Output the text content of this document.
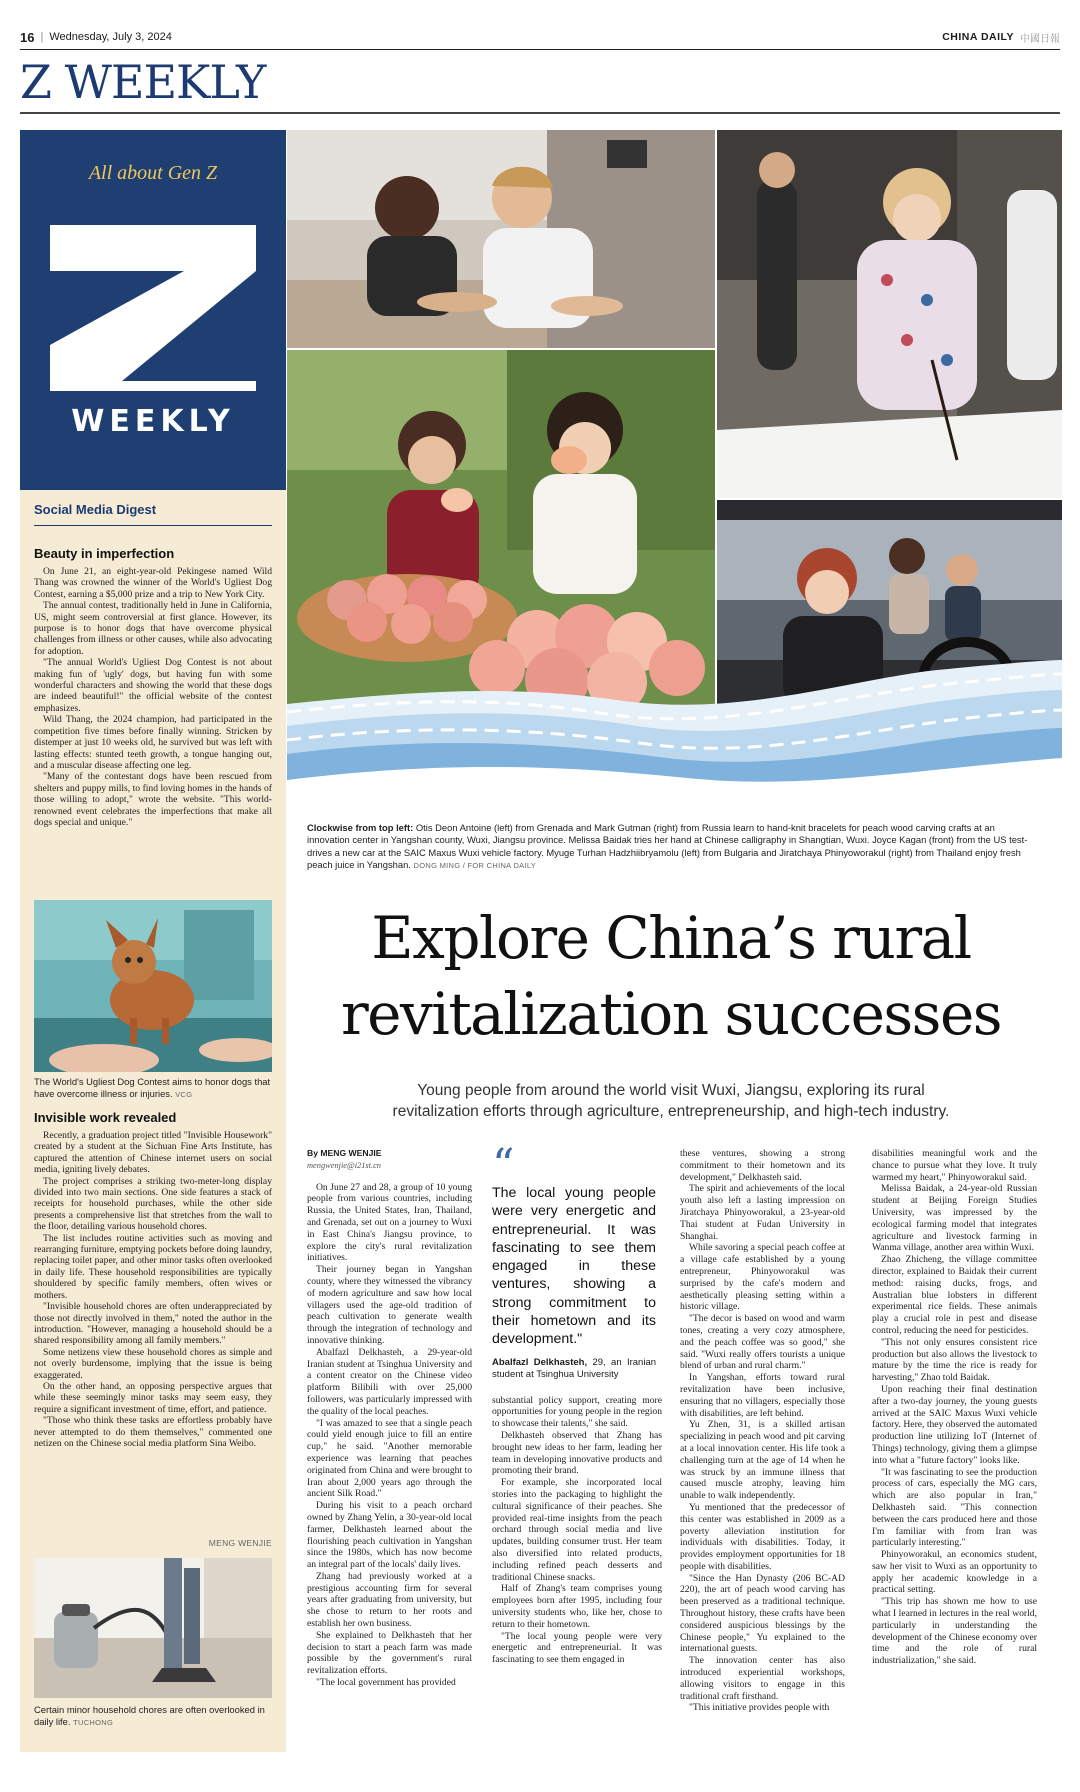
16 | Wednesday, July 3, 2024	CHINA DAILY 中國日報
Z WEEKLY
All about Gen Z
Z
WEEKLY
Social Media Digest
Beauty in imperfection

On June 21, an eight-year-old Pekingese named Wild Thang was crowned the winner of the World's Ugliest Dog Contest, earning a $5,000 prize and a trip to New York City.

The annual contest, traditionally held in June in California, US, might seem controversial at first glance. However, its purpose is to honor dogs that have overcome physical challenges from illness or other causes, while also advocating for adoption.

"The annual World's Ugliest Dog Contest is not about making fun of 'ugly' dogs, but having fun with some wonderful characters and showing the world that these dogs are indeed beautiful!" the official website of the contest emphasizes.

Wild Thang, the 2024 champion, had participated in the competition five times before finally winning. Stricken by distemper at just 10 weeks old, he survived but was left with lasting effects: stunted teeth growth, a tongue hanging out, and a muscular disease affecting one leg.

"Many of the contestant dogs have been rescued from shelters and puppy mills, to find loving homes in the hands of those willing to adopt," wrote the website. "This world-renowned event celebrates the imperfections that make all dogs special and unique."

The World's Ugliest Dog Contest aims to honor dogs that have overcome illness or injuries. VCG
Invisible work revealed

Recently, a graduation project titled "Invisible Housework" created by a student at the Sichuan Fine Arts Institute, has captured the attention of Chinese internet users on social media, igniting lively debates.

The project comprises a striking two-meter-long display divided into two main sections. One side features a stack of receipts for household purchases, while the other side presents a comprehensive list that stretches from the wall to the floor, detailing various household chores.

The list includes routine activities such as moving and rearranging furniture, emptying pockets before doing laundry, replacing toilet paper, and other minor tasks often overlooked in daily life. These household responsibilities are typically shouldered by specific family members, often wives or mothers.

"Invisible household chores are often underappreciated by those not directly involved in them," noted the author in the introduction. "However, managing a household should be a shared responsibility among all family members."

Some netizens view these household chores as simple and not overly burdensome, implying that the issue is being exaggerated.

On the other hand, an opposing perspective argues that while these seemingly minor tasks may seem easy, they require a significant investment of time, effort, and patience.

"Those who think these tasks are effortless probably have never attempted to do them themselves," commented one netizen on the Chinese social media platform Sina Weibo.

MENG WENJIE
Certain minor household chores are often overlooked in daily life. TUCHONG
Clockwise from top left: Otis Deon Antoine (left) from Grenada and Mark Gutman (right) from Russia learn to hand-knit bracelets for peach wood carving crafts at an innovation center in Yangshan county, Wuxi, Jiangsu province. Melissa Baidak tries her hand at Chinese calligraphy in Shangtian, Wuxi. Joyce Kagan (front) from the US test-drives a new car at the SAIC Maxus Wuxi vehicle factory. Myuge Turhan Hadzhiibryamolu (left) from Bulgaria and Jiratchaya Phinyoworakul (right) from Thailand enjoy fresh peach juice in Yangshan. DONG MING / FOR CHINA DAILY
Explore China’s rural
revitalization successes
Young people from around the world visit Wuxi, Jiangsu, exploring its rural
revitalization efforts through agriculture, entrepreneurship, and high-tech industry.
By MENG WENJIE
mengwenjie@i21st.cn

On June 27 and 28, a group of 10 young people from various countries, including Russia, the United States, Iran, Thailand, and Grenada, set out on a journey to Wuxi in East China's Jiangsu province, to explore the city's rural revitalization initiatives.

Their journey began in Yangshan county, where they witnessed the vibrancy of modern agriculture and saw how local villagers used the age-old tradition of peach cultivation to generate wealth through the integration of technology and innovative thinking.

Abalfazl Delkhasteh, a 29-year-old Iranian student at Tsinghua University and a content creator on the Chinese video platform Bilibili with over 25,000 followers, was particularly impressed with the quality of the local peaches.

"I was amazed to see that a single peach could yield enough juice to fill an entire cup," he said. "Another memorable experience was learning that peaches originated from China and were brought to Iran about 2,000 years ago through the ancient Silk Road."

During his visit to a peach orchard owned by Zhang Yelin, a 30-year-old local farmer, Delkhasteh learned about the flourishing peach cultivation in Yangshan since the 1980s, which has now become an integral part of the locals' daily lives.

Zhang had previously worked at a prestigious accounting firm for several years after graduating from university, but she chose to return to her roots and establish her own business.

She explained to Delkhasteh that her decision to start a peach farm was made possible by the government's rural revitalization efforts.

"The local government has provided

“
The local young people were very energetic and entrepreneurial. It was fascinating to see them engaged in these ventures, showing a strong commitment to their hometown and its development."
Abalfazl Delkhasteh, 29, an Iranian student at Tsinghua University

substantial policy support, creating more opportunities for young people in the region to showcase their talents," she said.

Delkhasteh observed that Zhang has brought new ideas to her farm, leading her team in developing innovative products and promoting their brand.

For example, she incorporated local stories into the packaging to highlight the cultural significance of their peaches. She provided real-time insights from the peach orchard through social media and live updates, building consumer trust. Her team also diversified into related products, including refined peach desserts and traditional Chinese snacks.

Half of Zhang's team comprises young employees born after 1995, including four university students who, like her, chose to return to their hometown.

"The local young people were very energetic and entrepreneurial. It was fascinating to see them engaged in

these ventures, showing a strong commitment to their hometown and its development," Delkhasteh said.

The spirit and achievements of the local youth also left a lasting impression on Jiratchaya Phinyoworakul, a 23-year-old Thai student at Fudan University in Shanghai.

While savoring a special peach coffee at a village cafe established by a young entrepreneur, Phinyoworakul was surprised by the cafe's modern and aesthetically pleasing setting within a historic village.

"The decor is based on wood and warm tones, creating a very cozy atmosphere, and the peach coffee was so good," she said. "Wuxi really offers tourists a unique blend of urban and rural charm."

In Yangshan, efforts toward rural revitalization have been inclusive, ensuring that no villagers, especially those with disabilities, are left behind.

Yu Zhen, 31, is a skilled artisan specializing in peach wood and pit carving at a local innovation center. His life took a challenging turn at the age of 14 when he was struck by an immune illness that caused muscle atrophy, leaving him unable to walk independently.

Yu mentioned that the predecessor of this center was established in 2009 as a poverty alleviation institution for individuals with disabilities. Today, it provides employment opportunities for 18 people with disabilities.

"Since the Han Dynasty (206 BC-AD 220), the art of peach wood carving has been preserved as a traditional technique. Throughout history, these crafts have been considered auspicious blessings by the Chinese people," Yu explained to the international guests.

The innovation center has also introduced experiential workshops, allowing visitors to engage in this traditional craft firsthand.

"This initiative provides people with

disabilities meaningful work and the chance to pursue what they love. It truly warmed my heart," Phinyoworakul said.

Melissa Baidak, a 24-year-old Russian student at Beijing Foreign Studies University, was impressed by the ecological farming model that integrates agriculture and livestock farming in Wanma village, another area within Wuxi.

Zhao Zhicheng, the village committee director, explained to Baidak their current method: raising ducks, frogs, and Australian blue lobsters in different experimental rice fields. These animals play a crucial role in pest and disease control, reducing the need for pesticides.

"This not only ensures consistent rice production but also allows the livestock to mature by the time the rice is ready for harvesting," Zhao told Baidak.

Upon reaching their final destination after a two-day journey, the young guests arrived at the SAIC Maxus Wuxi vehicle factory. Here, they observed the automated production line utilizing IoT (Internet of Things) technology, giving them a glimpse into what a "future factory" looks like.

"It was fascinating to see the production process of cars, especially the MG cars, which are also popular in Iran," Delkhasteh said. "This connection between the cars produced here and those I'm familiar with from Iran was particularly interesting."

Phinyoworakul, an economics student, saw her visit to Wuxi as an opportunity to apply her academic knowledge in a practical setting.

"This trip has shown me how to use what I learned in lectures in the real world, particularly in understanding the development of the Chinese economy over time and the role of rural industrialization," she said.
